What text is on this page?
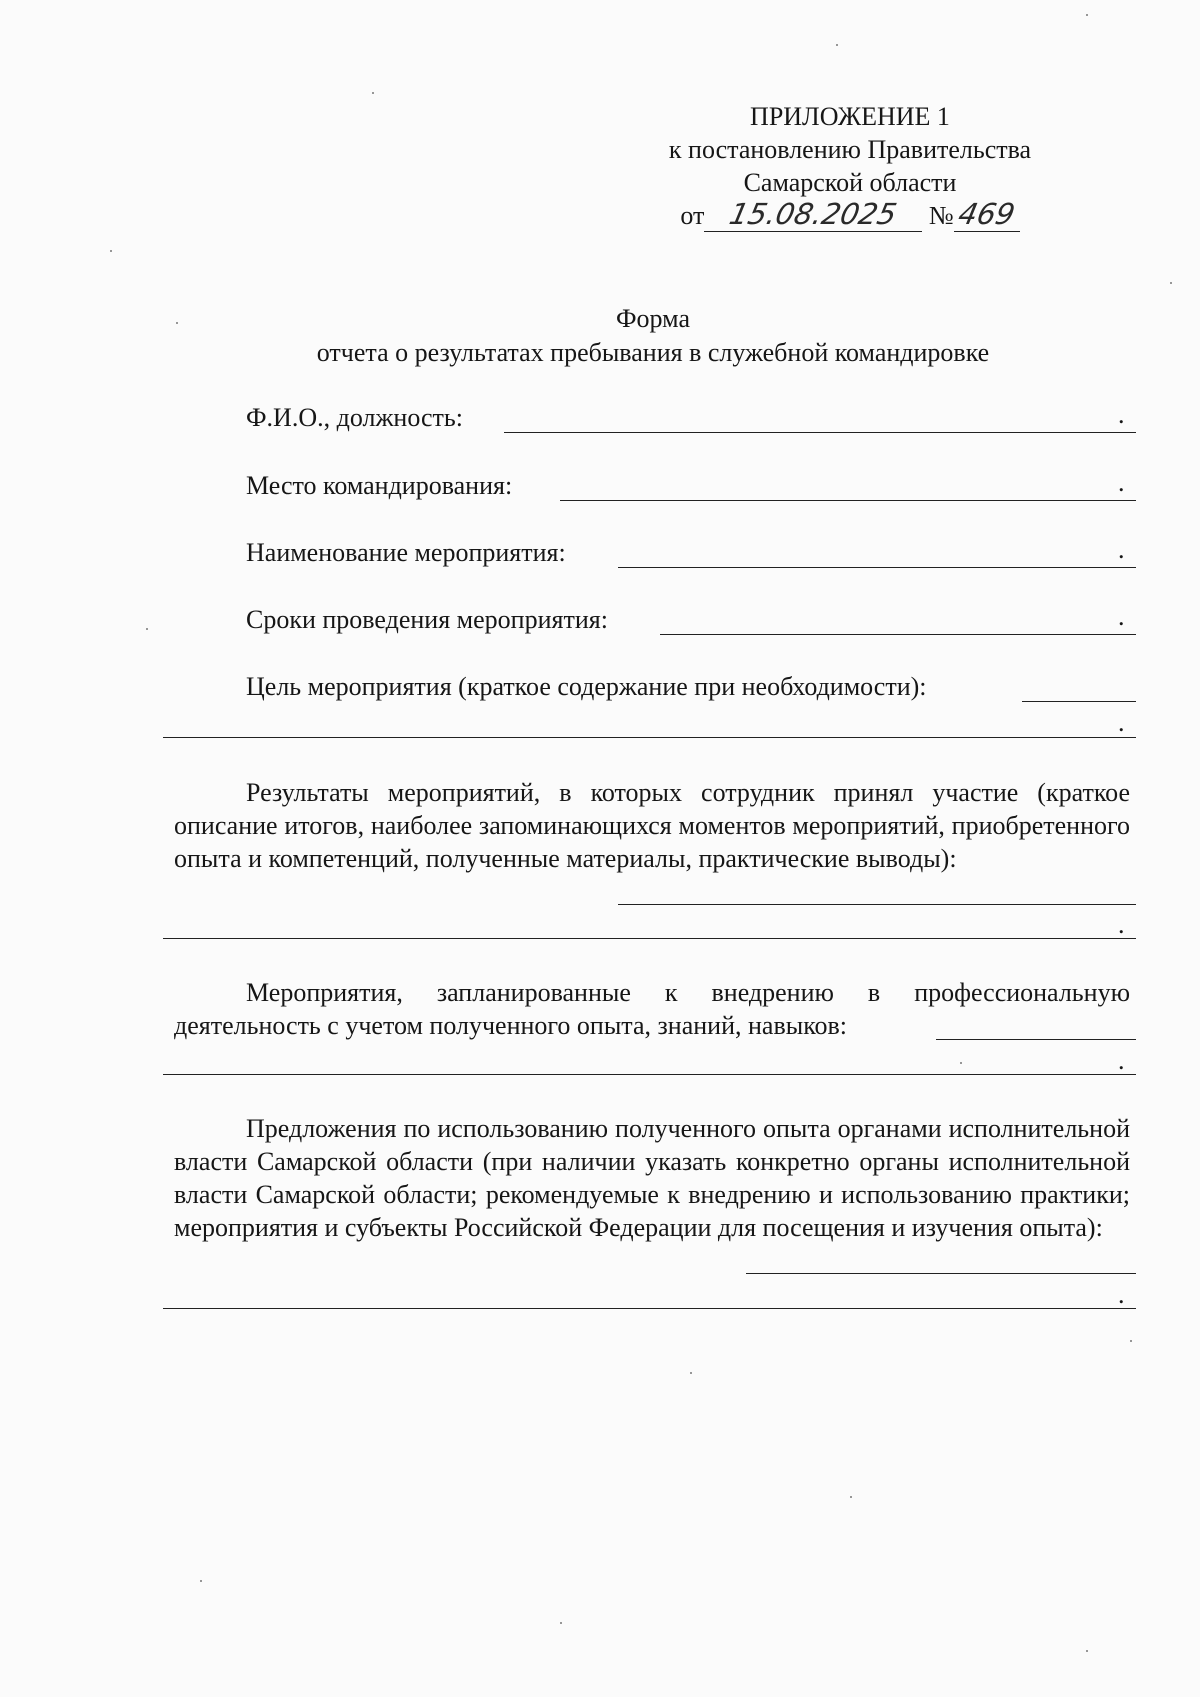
ПРИЛОЖЕНИЕ 1
к постановлению Правительства
Самарской области
от 15.08.2025 №469
Форма
отчета о результатах пребывания в служебной командировке
Ф.И.О., должность:	.
Место командирования:	.
Наименование мероприятия:	.
Сроки проведения мероприятия:	.
Цель мероприятия (краткое содержание при необходимости):
.
Результаты мероприятий, в которых сотрудник принял участие (краткое описание итогов, наиболее запоминающихся моментов мероприятий, приобретенного опыта и компетенций, полученные материалы, практические выводы):
.
Мероприятия, запланированные к внедрению в профессиональную деятельность с учетом полученного опыта, знаний, навыков:
.
Предложения по использованию полученного опыта органами исполнительной власти Самарской области (при наличии указать конкретно органы исполнительной власти Самарской области; рекомендуемые к внедрению и использованию практики; мероприятия и субъекты Российской Федерации для посещения и изучения опыта):
.
